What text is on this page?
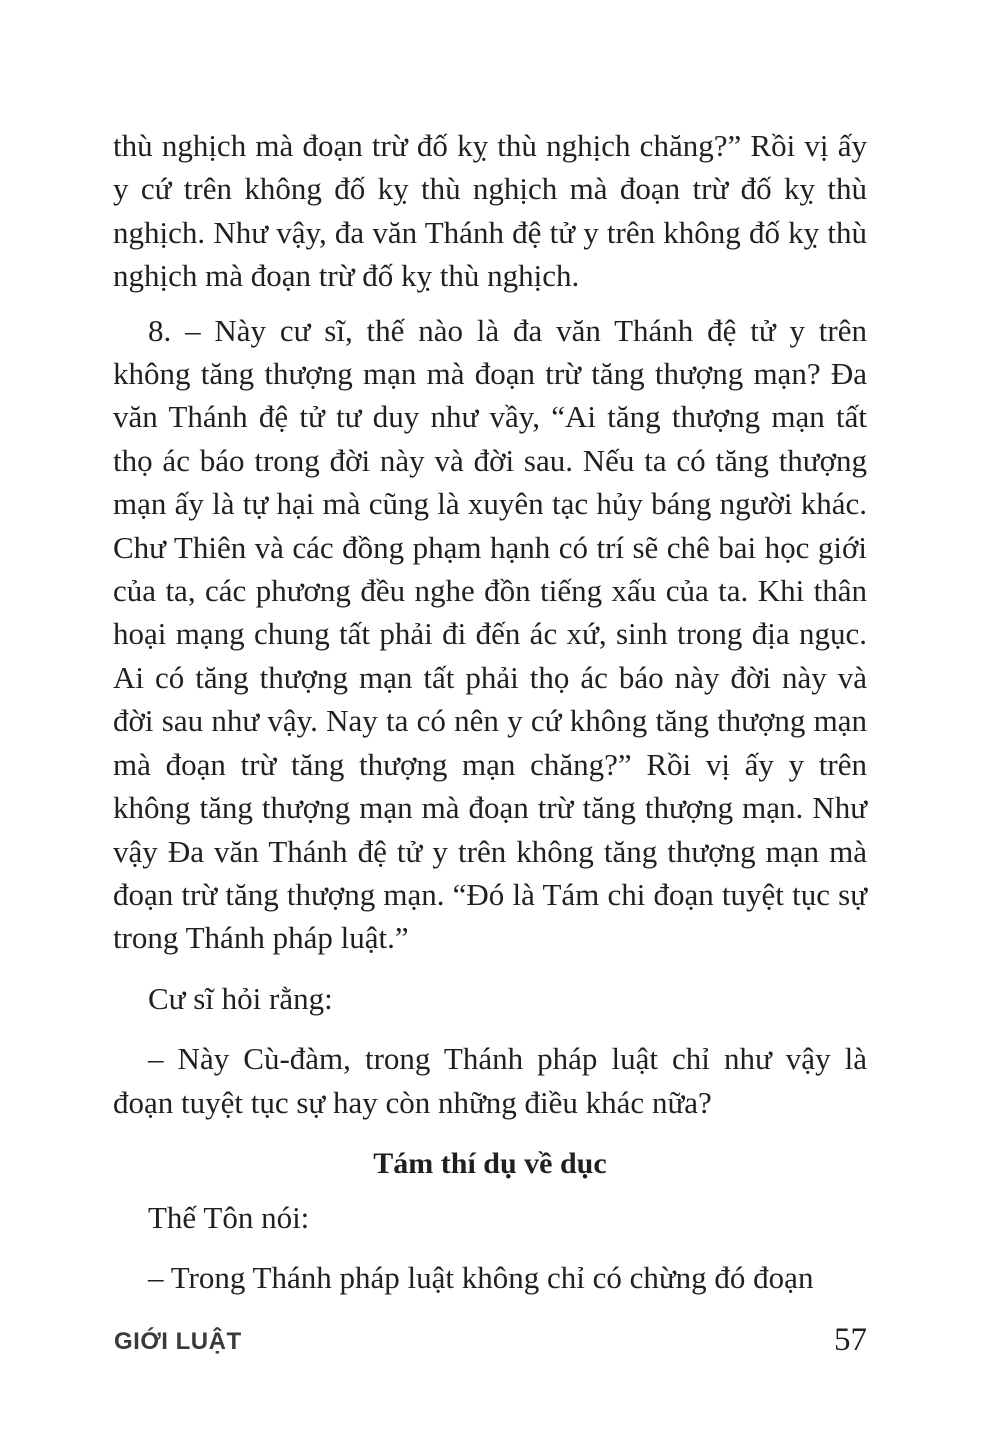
thù nghịch mà đoạn trừ đố kỵ thù nghịch chăng?” Rồi vị ấy y cứ trên không đố kỵ thù nghịch mà đoạn trừ đố kỵ thù nghịch. Như vậy, đa văn Thánh đệ tử y trên không đố kỵ thù nghịch mà đoạn trừ đố kỵ thù nghịch.

8. – Này cư sĩ, thế nào là đa văn Thánh đệ tử y trên không tăng thượng mạn mà đoạn trừ tăng thượng mạn? Đa văn Thánh đệ tử tư duy như vầy, “Ai tăng thượng mạn tất thọ ác báo trong đời này và đời sau. Nếu ta có tăng thượng mạn ấy là tự hại mà cũng là xuyên tạc hủy báng người khác. Chư Thiên và các đồng phạm hạnh có trí sẽ chê bai học giới của ta, các phương đều nghe đồn tiếng xấu của ta. Khi thân hoại mạng chung tất phải đi đến ác xứ, sinh trong địa ngục. Ai có tăng thượng mạn tất phải thọ ác báo này đời này và đời sau như vậy. Nay ta có nên y cứ không tăng thượng mạn mà đoạn trừ tăng thượng mạn chăng?” Rồi vị ấy y trên không tăng thượng mạn mà đoạn trừ tăng thượng mạn. Như vậy Đa văn Thánh đệ tử y trên không tăng thượng mạn mà đoạn trừ tăng thượng mạn. “Đó là Tám chi đoạn tuyệt tục sự trong Thánh pháp luật.”

Cư sĩ hỏi rằng:

– Này Cù-đàm, trong Thánh pháp luật chỉ như vậy là đoạn tuyệt tục sự hay còn những điều khác nữa?

Tám thí dụ về dục

Thế Tôn nói:

– Trong Thánh pháp luật không chỉ có chừng đó đoạn

GIỚI LUẬT	57
